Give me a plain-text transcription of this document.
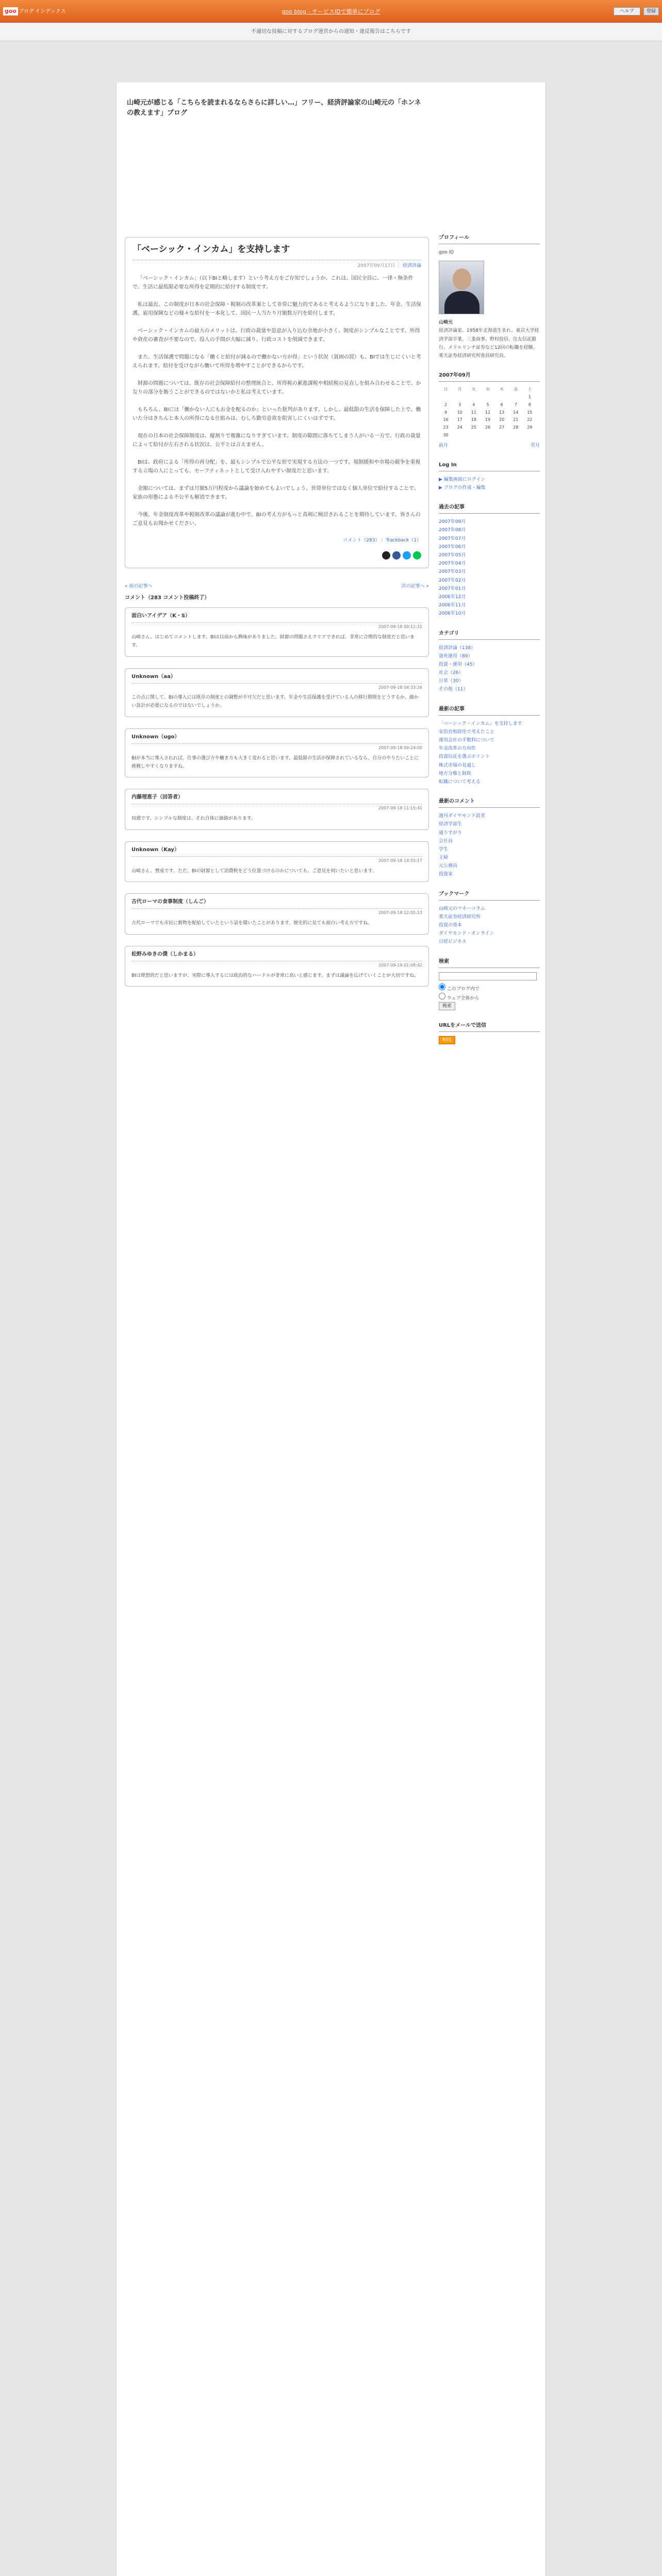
goo ブログ インデックス	goo blog - サービスIDで簡単にブログ	ヘルプ	登録
不適切な投稿に対するブログ運営からの通知・違反報告はこちらです
山崎元が感じる「こちらを読まれるならさらに詳しい…」フリー、経済評論家の山崎元の「ホンネの教えます」ブログ
「ベーシック・インカム」を支持します
2007年09月17日 ｜ 経済評論

「ベーシック・インカム」（以下BIと略します）という考え方をご存知でしょうか。これは、国民全員に、一律・無条件で、生活に最低限必要な所得を定期的に給付する制度です。

私は最近、この制度が日本の社会保障・税制の改革案として非常に魅力的であると考えるようになりました。年金、生活保護、雇用保険などの様々な給付を一本化して、国民一人当たり月額数万円を給付します。

ベーシック・インカムの最大のメリットは、行政の裁量や恣意が入り込む余地が小さく、制度がシンプルなことです。所得や資産の審査が不要なので、役人の手間が大幅に減り、行政コストを削減できます。

また、生活保護で問題になる「働くと給付が減るので働かない方が得」という状況（貧困の罠）も、BIでは生じにくいと考えられます。給付を受けながら働いて所得を増やすことができるからです。

財源の問題については、既存の社会保障給付の整理統合と、所得税の累進課税や相続税の見直しを組み合わせることで、かなりの部分を賄うことができるのではないかと私は考えています。

もちろん、BIには「働かない人にもお金を配るのか」といった批判があります。しかし、最低限の生活を保障した上で、働いた分はきちんと本人の所得になる仕組みは、むしろ勤労意欲を阻害しにくいはずです。

現在の日本の社会保障制度は、縦割りで複雑になりすぎています。制度の隙間に落ちてしまう人がいる一方で、行政の裁量によって給付が左右される状況は、公平とは言えません。

BIは、政府による「所得の再分配」を、最もシンプルで公平な形で実現する方法の一つです。規制緩和や市場の競争を重視する立場の人にとっても、セーフティネットとして受け入れやすい制度だと思います。

金額については、まずは月額5万円程度から議論を始めてもよいでしょう。世帯単位ではなく個人単位で給付することで、家族の形態による不公平も解消できます。

今後、年金制度改革や税制改革の議論が進む中で、BIの考え方がもっと真剣に検討されることを期待しています。皆さんのご意見もお聞かせください。

コメント（283）｜ Trackback（1）
« 前の記事へ	次の記事へ »
コメント（283 コメント投稿終了）
面白いアイデア（K・S）
2007-09-18 00:12:31
山崎さん、はじめてコメントします。BIは以前から興味がありました。財源の問題さえクリアできれば、非常に合理的な制度だと思います。
Unknown（aa）
2007-09-18 04:33:26
この点に関して、BIの導入には既存の制度との調整が不可欠だと思います。年金や生活保護を受けている人の移行期間をどうするか、細かい設計が必要になるのではないでしょうか。
Unknown（ugo）
2007-09-18 09:24:00
BIが本当に導入されれば、仕事の選び方や働き方も大きく変わると思います。最低限の生活が保障されているなら、自分のやりたいことに挑戦しやすくなりますね。
内藤理恵子（回答者）
2007-09-18 11:15:41
同感です。シンプルな制度は、それ自体に価値があります。
Unknown（Kay）
2007-09-18 14:55:17
山崎さん、賛成です。ただ、BIの財源として消費税をどう位置づけるのかについても、ご意見を伺いたいと思います。
古代ローマの食事制度（しんご）
2007-09-18 22:05:13
古代ローマでも市民に穀物を配給していたという話を聞いたことがあります。歴史的に見ても面白い考え方ですね。
松野みゆきの僕（しかまる）
2007-09-19 01:08:42
BIは理想的だと思いますが、実際に導入するには政治的なハードルが非常に高いと感じます。まずは議論を広げていくことが大切ですね。
プロフィール
goo ID
山崎元
経済評論家。1958年北海道生まれ。東京大学経済学部卒業。三菱商事、野村投信、住友信託銀行、メリルリンチ証券など12回の転職を経験。楽天証券経済研究所客員研究員。
2007年09月
日	月	火	水	木	金	土
						1
2	3	4	5	6	7	8
9	10	11	12	13	14	15
16	17	18	19	20	21	22
23	24	25	26	27	28	29
30						
前月	翌月
Log In
▶ 編集画面にログイン
▶ ブログの作成・編集
過去の記事
2007年09月
2007年08月
2007年07月
2007年06月
2007年05月
2007年04月
2007年03月
2007年02月
2007年01月
2006年12月
2006年11月
2006年10月
カテゴリ
経済評論（138）
資産運用（89）
投資・運用（45）
社会（26）
日常（30）
その他（11）
最新の記事
「ベーシック・インカム」を支持します
安倍首相辞任で考えたこと
運用会社の手数料について
年金改革の方向性
投資信託を選ぶポイント
株式市場の見通し
地方分権と財政
転職について考える
最新のコメント
週刊ダイヤモンド読者
経済学部生
通りすがり
会社員
学生
主婦
元公務員
投資家
ブックマーク
山崎元のマネーコラム
楽天証券経済研究所
投資の基本
ダイヤモンド・オンライン
日経ビジネス
検索
このブログ内で
ウェブ全体から
検索
URLをメールで送信
RSS
